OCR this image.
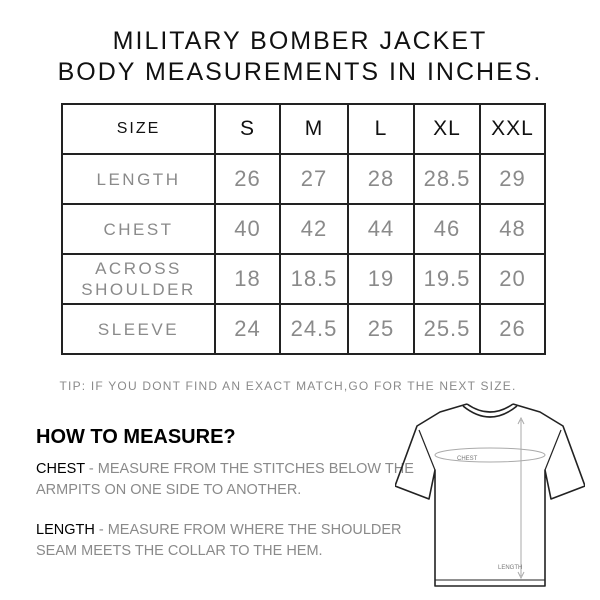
MILITARY BOMBER JACKET
BODY MEASUREMENTS IN INCHES.
SIZE	S	M	L	XL	XXL
LENGTH	26	27	28	28.5	29
CHEST	40	42	44	46	48

ACROSS
SHOULDER	18	18.5	19	19.5	20
SLEEVE	24	24.5	25	25.5	26
TIP: IF YOU DONT FIND AN EXACT MATCH,GO FOR THE NEXT SIZE.
HOW TO MEASURE?
CHEST - MEASURE FROM THE STITCHES BELOW THE ARMPITS ON ONE SIDE TO ANOTHER.
LENGTH - MEASURE FROM WHERE THE SHOULDER SEAM MEETS THE COLLAR TO THE HEM.
CHEST
LENGTH
